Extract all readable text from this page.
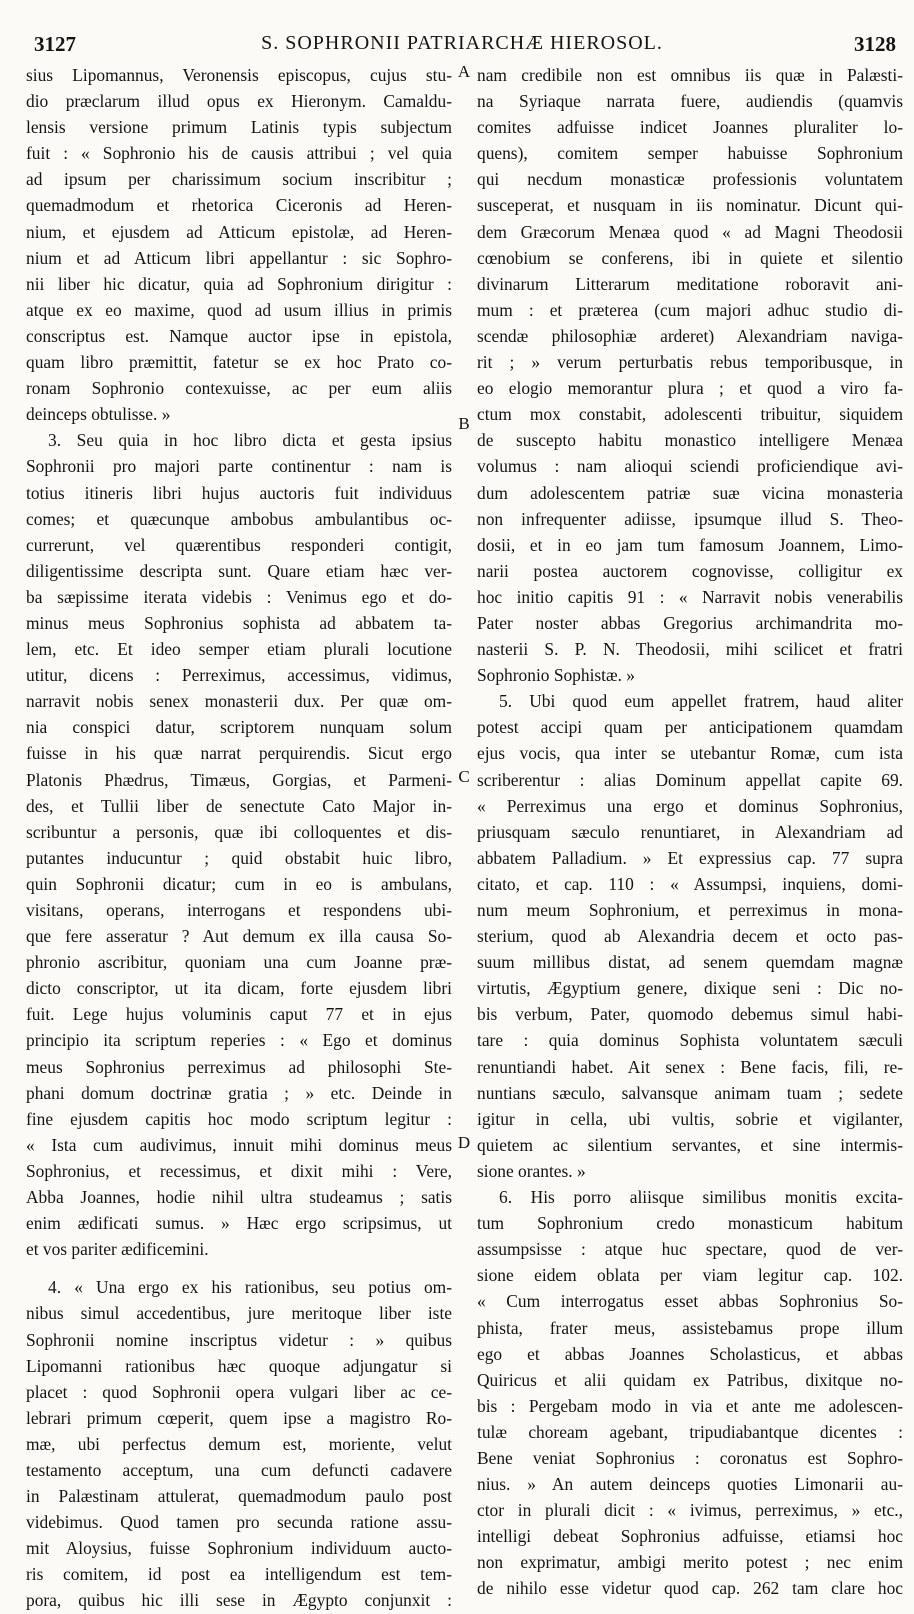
3127	S. SOPHRONII PATRIARCHÆ HIEROSOL.	3128
sius Lipomannus, Veronensis episcopus, cujus stu-
dio præclarum illud opus ex Hieronym. Camaldu-
lensis versione primum Latinis typis subjectum
fuit : « Sophronio his de causis attribui ; vel quia
ad ipsum per charissimum socium inscribitur ;
quemadmodum et rhetorica Ciceronis ad Heren-
nium, et ejusdem ad Atticum epistolæ, ad Heren-
nium et ad Atticum libri appellantur : sic Sophro-
nii liber hic dicatur, quia ad Sophronium dirigitur :
atque ex eo maxime, quod ad usum illius in primis
conscriptus est. Namque auctor ipse in epistola,
quam libro præmittit, fatetur se ex hoc Prato co-
ronam Sophronio contexuisse, ac per eum aliis
deinceps obtulisse. »
3. Seu quia in hoc libro dicta et gesta ipsius
Sophronii pro majori parte continentur : nam is
totius itineris libri hujus auctoris fuit individuus
comes; et quæcunque ambobus ambulantibus oc-
currerunt, vel quærentibus responderi contigit,
diligentissime descripta sunt. Quare etiam hæc ver-
ba sæpissime iterata videbis : Venimus ego et do-
minus meus Sophronius sophista ad abbatem ta-
lem, etc. Et ideo semper etiam plurali locutione
utitur, dicens : Perreximus, accessimus, vidimus,
narravit nobis senex monasterii dux. Per quæ om-
nia conspici datur, scriptorem nunquam solum
fuisse in his quæ narrat perquirendis. Sicut ergo
Platonis Phædrus, Timæus, Gorgias, et Parmeni-
des, et Tullii liber de senectute Cato Major in-
scribuntur a personis, quæ ibi colloquentes et dis-
putantes inducuntur ; quid obstabit huic libro,
quin Sophronii dicatur; cum in eo is ambulans,
visitans, operans, interrogans et respondens ubi-
que fere asseratur ? Aut demum ex illa causa So-
phronio ascribitur, quoniam una cum Joanne præ-
dicto conscriptor, ut ita dicam, forte ejusdem libri
fuit. Lege hujus voluminis caput 77 et in ejus
principio ita scriptum reperies : « Ego et dominus
meus Sophronius perreximus ad philosophi Ste-
phani domum doctrinæ gratia ; » etc. Deinde in
fine ejusdem capitis hoc modo scriptum legitur :
« Ista cum audivimus, innuit mihi dominus meus
Sophronius, et recessimus, et dixit mihi : Vere,
Abba Joannes, hodie nihil ultra studeamus ; satis
enim ædificati sumus. » Hæc ergo scripsimus, ut
et vos pariter ædificemini.
4. « Una ergo ex his rationibus, seu potius om-
nibus simul accedentibus, jure meritoque liber iste
Sophronii nomine inscriptus videtur : » quibus
Lipomanni rationibus hæc quoque adjungatur si
placet : quod Sophronii opera vulgari liber ac ce-
lebrari primum cœperit, quem ipse a magistro Ro-
mæ, ubi perfectus demum est, moriente, velut
testamento acceptum, una cum defuncti cadavere
in Palæstinam attulerat, quemadmodum paulo post
videbimus. Quod tamen pro secunda ratione assu-
mit Aloysius, fuisse Sophronium individuum aucto-
ris comitem, id post ea intelligendum est tem-
pora, quibus hic illi sese in Ægypto conjunxit :
nam credibile non est omnibus iis quæ in Palæsti-
na Syriaque narrata fuere, audiendis (quamvis
comites adfuisse indicet Joannes pluraliter lo-
quens), comitem semper habuisse Sophronium
qui necdum monasticæ professionis voluntatem
susceperat, et nusquam in iis nominatur. Dicunt qui-
dem Græcorum Menæa quod « ad Magni Theodosii
cœnobium se conferens, ibi in quiete et silentio
divinarum Litterarum meditatione roboravit ani-
mum : et præterea (cum majori adhuc studio di-
scendæ philosophiæ arderet) Alexandriam naviga-
rit ; » verum perturbatis rebus temporibusque, in
eo elogio memorantur plura ; et quod a viro fa-
ctum mox constabit, adolescenti tribuitur, siquidem
de suscepto habitu monastico intelligere Menæa
volumus : nam alioqui sciendi proficiendique avi-
dum adolescentem patriæ suæ vicina monasteria
non infrequenter adiisse, ipsumque illud S. Theo-
dosii, et in eo jam tum famosum Joannem, Limo-
narii postea auctorem cognovisse, colligitur ex
hoc initio capitis 91 : « Narravit nobis venerabilis
Pater noster abbas Gregorius archimandrita mo-
nasterii S. P. N. Theodosii, mihi scilicet et fratri
Sophronio Sophistæ. »
5. Ubi quod eum appellet fratrem, haud aliter
potest accipi quam per anticipationem quamdam
ejus vocis, qua inter se utebantur Romæ, cum ista
scriberentur : alias Dominum appellat capite 69.
« Perreximus una ergo et dominus Sophronius,
priusquam sæculo renuntiaret, in Alexandriam ad
abbatem Palladium. » Et expressius cap. 77 supra
citato, et cap. 110 : « Assumpsi, inquiens, domi-
num meum Sophronium, et perreximus in mona-
sterium, quod ab Alexandria decem et octo pas-
suum millibus distat, ad senem quemdam magnæ
virtutis, Ægyptium genere, dixique seni : Dic no-
bis verbum, Pater, quomodo debemus simul habi-
tare : quia dominus Sophista voluntatem sæculi
renuntiandi habet. Ait senex : Bene facis, fili, re-
nuntians sæculo, salvansque animam tuam ; sedete
igitur in cella, ubi vultis, sobrie et vigilanter,
quietem ac silentium servantes, et sine intermis-
sione orantes. »
6. His porro aliisque similibus monitis excita-
tum Sophronium credo monasticum habitum
assumpsisse : atque huc spectare, quod de ver-
sione eidem oblata per viam legitur cap. 102.
« Cum interrogatus esset abbas Sophronius So-
phista, frater meus, assistebamus prope illum
ego et abbas Joannes Scholasticus, et abbas
Quiricus et alii quidam ex Patribus, dixitque no-
bis : Pergebam modo in via et ante me adolescen-
tulæ choream agebant, tripudiabantque dicentes :
Bene veniat Sophronius : coronatus est Sophro-
nius. » An autem deinceps quoties Limonarii au-
ctor in plurali dicit : « ivimus, perreximus, » etc.,
intelligi debeat Sophronius adfuisse, etiamsi hoc
non exprimatur, ambigi merito potest ; nec enim
de nihilo esse videtur quod cap. 262 tam clare hoc
A
B
C
D
